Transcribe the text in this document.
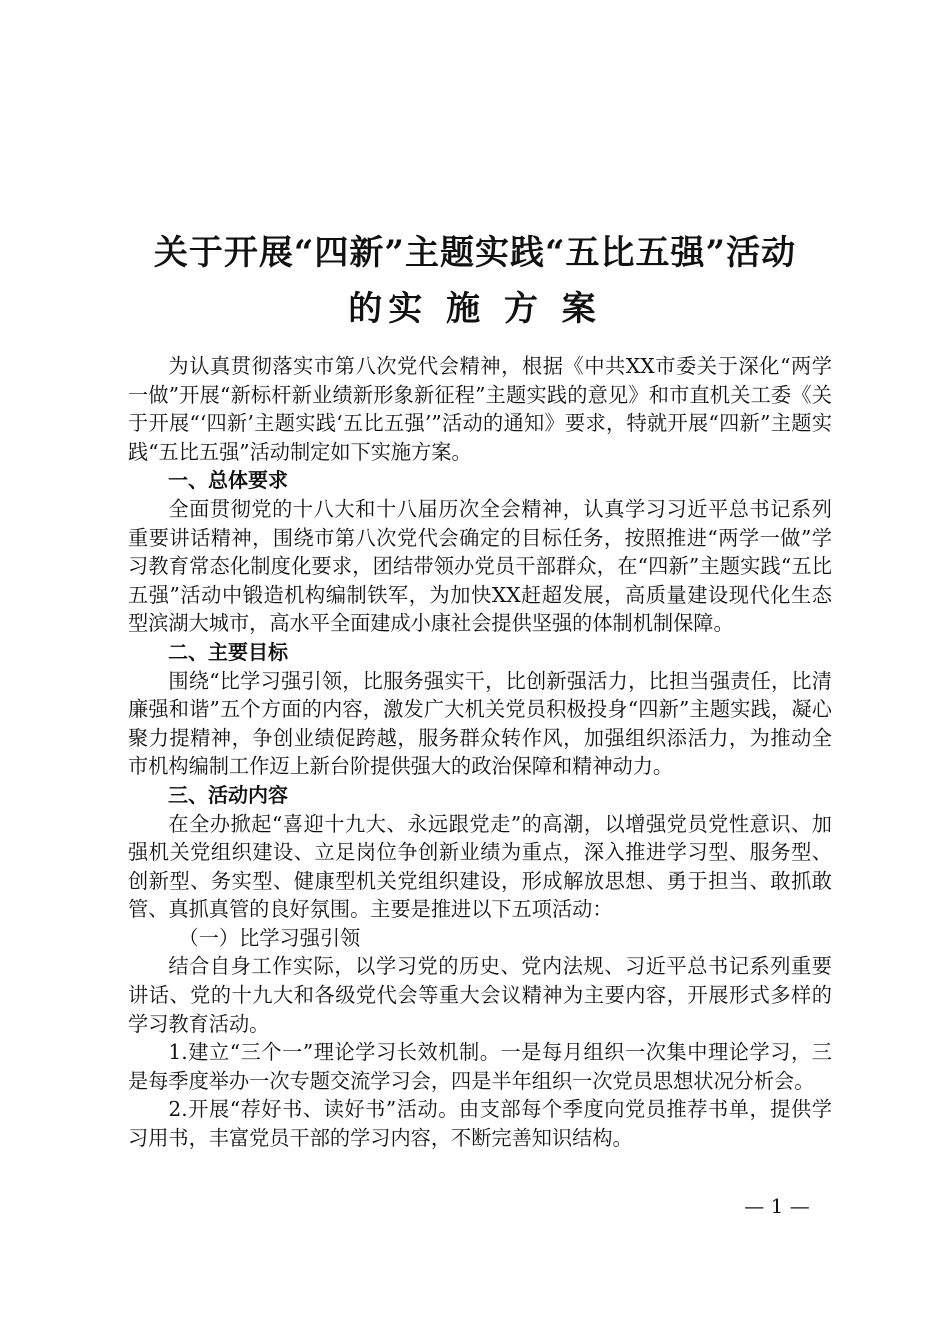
关于开展“四新”主题实践“五比五强”活动
的实 施 方 案

为认真贯彻落实市第八次党代会精神，根据《中共XX市委关于深化“两学一做”开展“新标杆新业绩新形象新征程”主题实践的意见》和市直机关工委《关于开展“‘四新’主题实践‘五比五强’”活动的通知》要求，特就开展“四新”主题实践“五比五强”活动制定如下实施方案。

一、总体要求

全面贯彻党的十八大和十八届历次全会精神，认真学习习近平总书记系列重要讲话精神，围绕市第八次党代会确定的目标任务，按照推进“两学一做”学习教育常态化制度化要求，团结带领办党员干部群众，在“四新”主题实践“五比五强”活动中锻造机构编制铁军，为加快XX赶超发展，高质量建设现代化生态型滨湖大城市，高水平全面建成小康社会提供坚强的体制机制保障。

二、主要目标

围绕“比学习强引领，比服务强实干，比创新强活力，比担当强责任，比清廉强和谐”五个方面的内容，激发广大机关党员积极投身“四新”主题实践，凝心聚力提精神，争创业绩促跨越，服务群众转作风，加强组织添活力，为推动全市机构编制工作迈上新台阶提供强大的政治保障和精神动力。

三、活动内容

在全办掀起“喜迎十九大、永远跟党走”的高潮，以增强党员党性意识、加强机关党组织建设、立足岗位争创新业绩为重点，深入推进学习型、服务型、创新型、务实型、健康型机关党组织建设，形成解放思想、勇于担当、敢抓敢管、真抓真管的良好氛围。主要是推进以下五项活动：

（一）比学习强引领

结合自身工作实际，以学习党的历史、党内法规、习近平总书记系列重要讲话、党的十九大和各级党代会等重大会议精神为主要内容，开展形式多样的学习教育活动。

1.建立“三个一”理论学习长效机制。一是每月组织一次集中理论学习，三是每季度举办一次专题交流学习会，四是半年组织一次党员思想状况分析会。

2.开展“荐好书、读好书”活动。由支部每个季度向党员推荐书单，提供学习用书，丰富党员干部的学习内容，不断完善知识结构。

— 1 —
